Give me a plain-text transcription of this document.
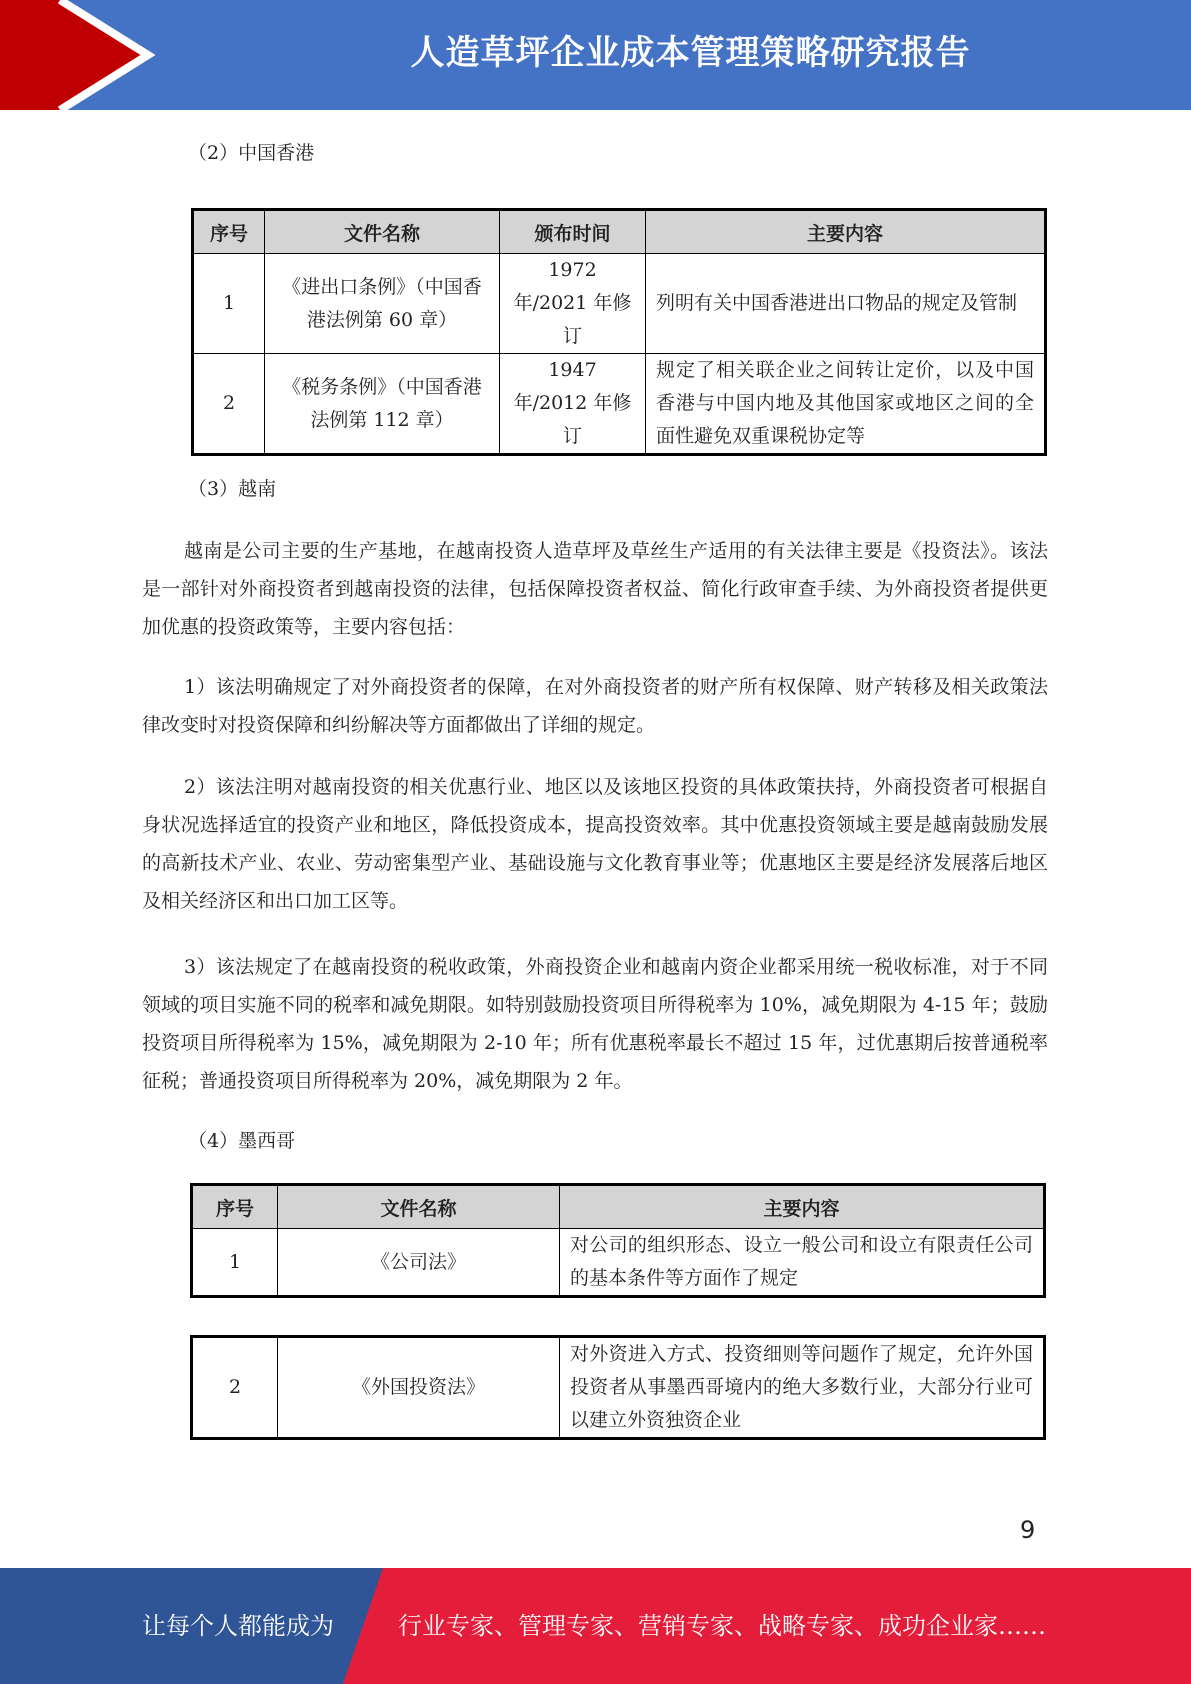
人造草坪企业成本管理策略研究报告
（2）中国香港
序号	文件名称	颁布时间	主要内容
1	《进出口条例》（中国香港法例第 60 章）	1972 年/2021 年修订	列明有关中国香港进出口物品的规定及管制
2	《税务条例》（中国香港法例第 112 章）	1947 年/2012 年修订	规定了相关联企业之间转让定价，以及中国香港与中国内地及其他国家或地区之间的全面性避免双重课税协定等
（3）越南
越南是公司主要的生产基地，在越南投资人造草坪及草丝生产适用的有关法律主要是《投资法》。该法是一部针对外商投资者到越南投资的法律，包括保障投资者权益、简化行政审查手续、为外商投资者提供更加优惠的投资政策等，主要内容包括：
1）该法明确规定了对外商投资者的保障，在对外商投资者的财产所有权保障、财产转移及相关政策法律改变时对投资保障和纠纷解决等方面都做出了详细的规定。
2）该法注明对越南投资的相关优惠行业、地区以及该地区投资的具体政策扶持，外商投资者可根据自身状况选择适宜的投资产业和地区，降低投资成本，提高投资效率。其中优惠投资领域主要是越南鼓励发展的高新技术产业、农业、劳动密集型产业、基础设施与文化教育事业等；优惠地区主要是经济发展落后地区及相关经济区和出口加工区等。
3）该法规定了在越南投资的税收政策，外商投资企业和越南内资企业都采用统一税收标准，对于不同领域的项目实施不同的税率和减免期限。如特别鼓励投资项目所得税率为 10%，减免期限为 4-15 年；鼓励投资项目所得税率为 15%，减免期限为 2-10 年；所有优惠税率最长不超过 15 年，过优惠期后按普通税率征税；普通投资项目所得税率为 20%，减免期限为 2 年。
（4）墨西哥
序号	文件名称	主要内容
1	《公司法》	对公司的组织形态、设立一般公司和设立有限责任公司的基本条件等方面作了规定
2	《外国投资法》	对外资进入方式、投资细则等问题作了规定，允许外国投资者从事墨西哥境内的绝大多数行业，大部分行业可以建立外资独资企业
9
让每个人都能成为	行业专家、管理专家、营销专家、战略专家、成功企业家……
